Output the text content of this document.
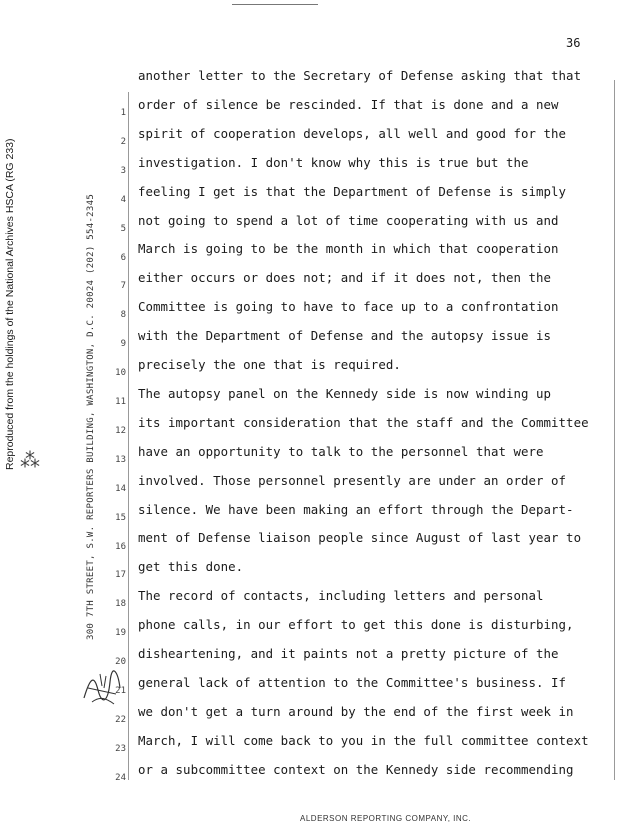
36
Reproduced from the holdings of the National Archives HSCA (RG 233) ⁂	300 7TH STREET, S.W. REPORTERS BUILDING, WASHINGTON, D.C. 20024 (202) 554-2345
1
2
3
4
5
6
7
8
9
10
11
12
13
14
15
16
17
18
19
20
21
22
23
24
another letter to the Secretary of Defense asking that that
order of silence be rescinded. If that is done and a new
spirit of cooperation develops, all well and good for the
investigation. I don't know why this is true but the
feeling I get is that the Department of Defense is simply
not going to spend a lot of time cooperating with us and
March is going to be the month in which that cooperation
either occurs or does not; and if it does not, then the
Committee is going to have to face up to a confrontation
with the Department of Defense and the autopsy issue is
precisely the one that is required.
The autopsy panel on the Kennedy side is now winding up
its important consideration that the staff and the Committee
have an opportunity to talk to the personnel that were
involved. Those personnel presently are under an order of
silence. We have been making an effort through the Depart-
ment of Defense liaison people since August of last year to
get this done.
The record of contacts, including letters and personal
phone calls, in our effort to get this done is disturbing,
disheartening, and it paints not a pretty picture of the
general lack of attention to the Committee's business. If
we don't get a turn around by the end of the first week in
March, I will come back to you in the full committee context
or a subcommittee context on the Kennedy side recommending
ALDERSON REPORTING COMPANY, INC.
